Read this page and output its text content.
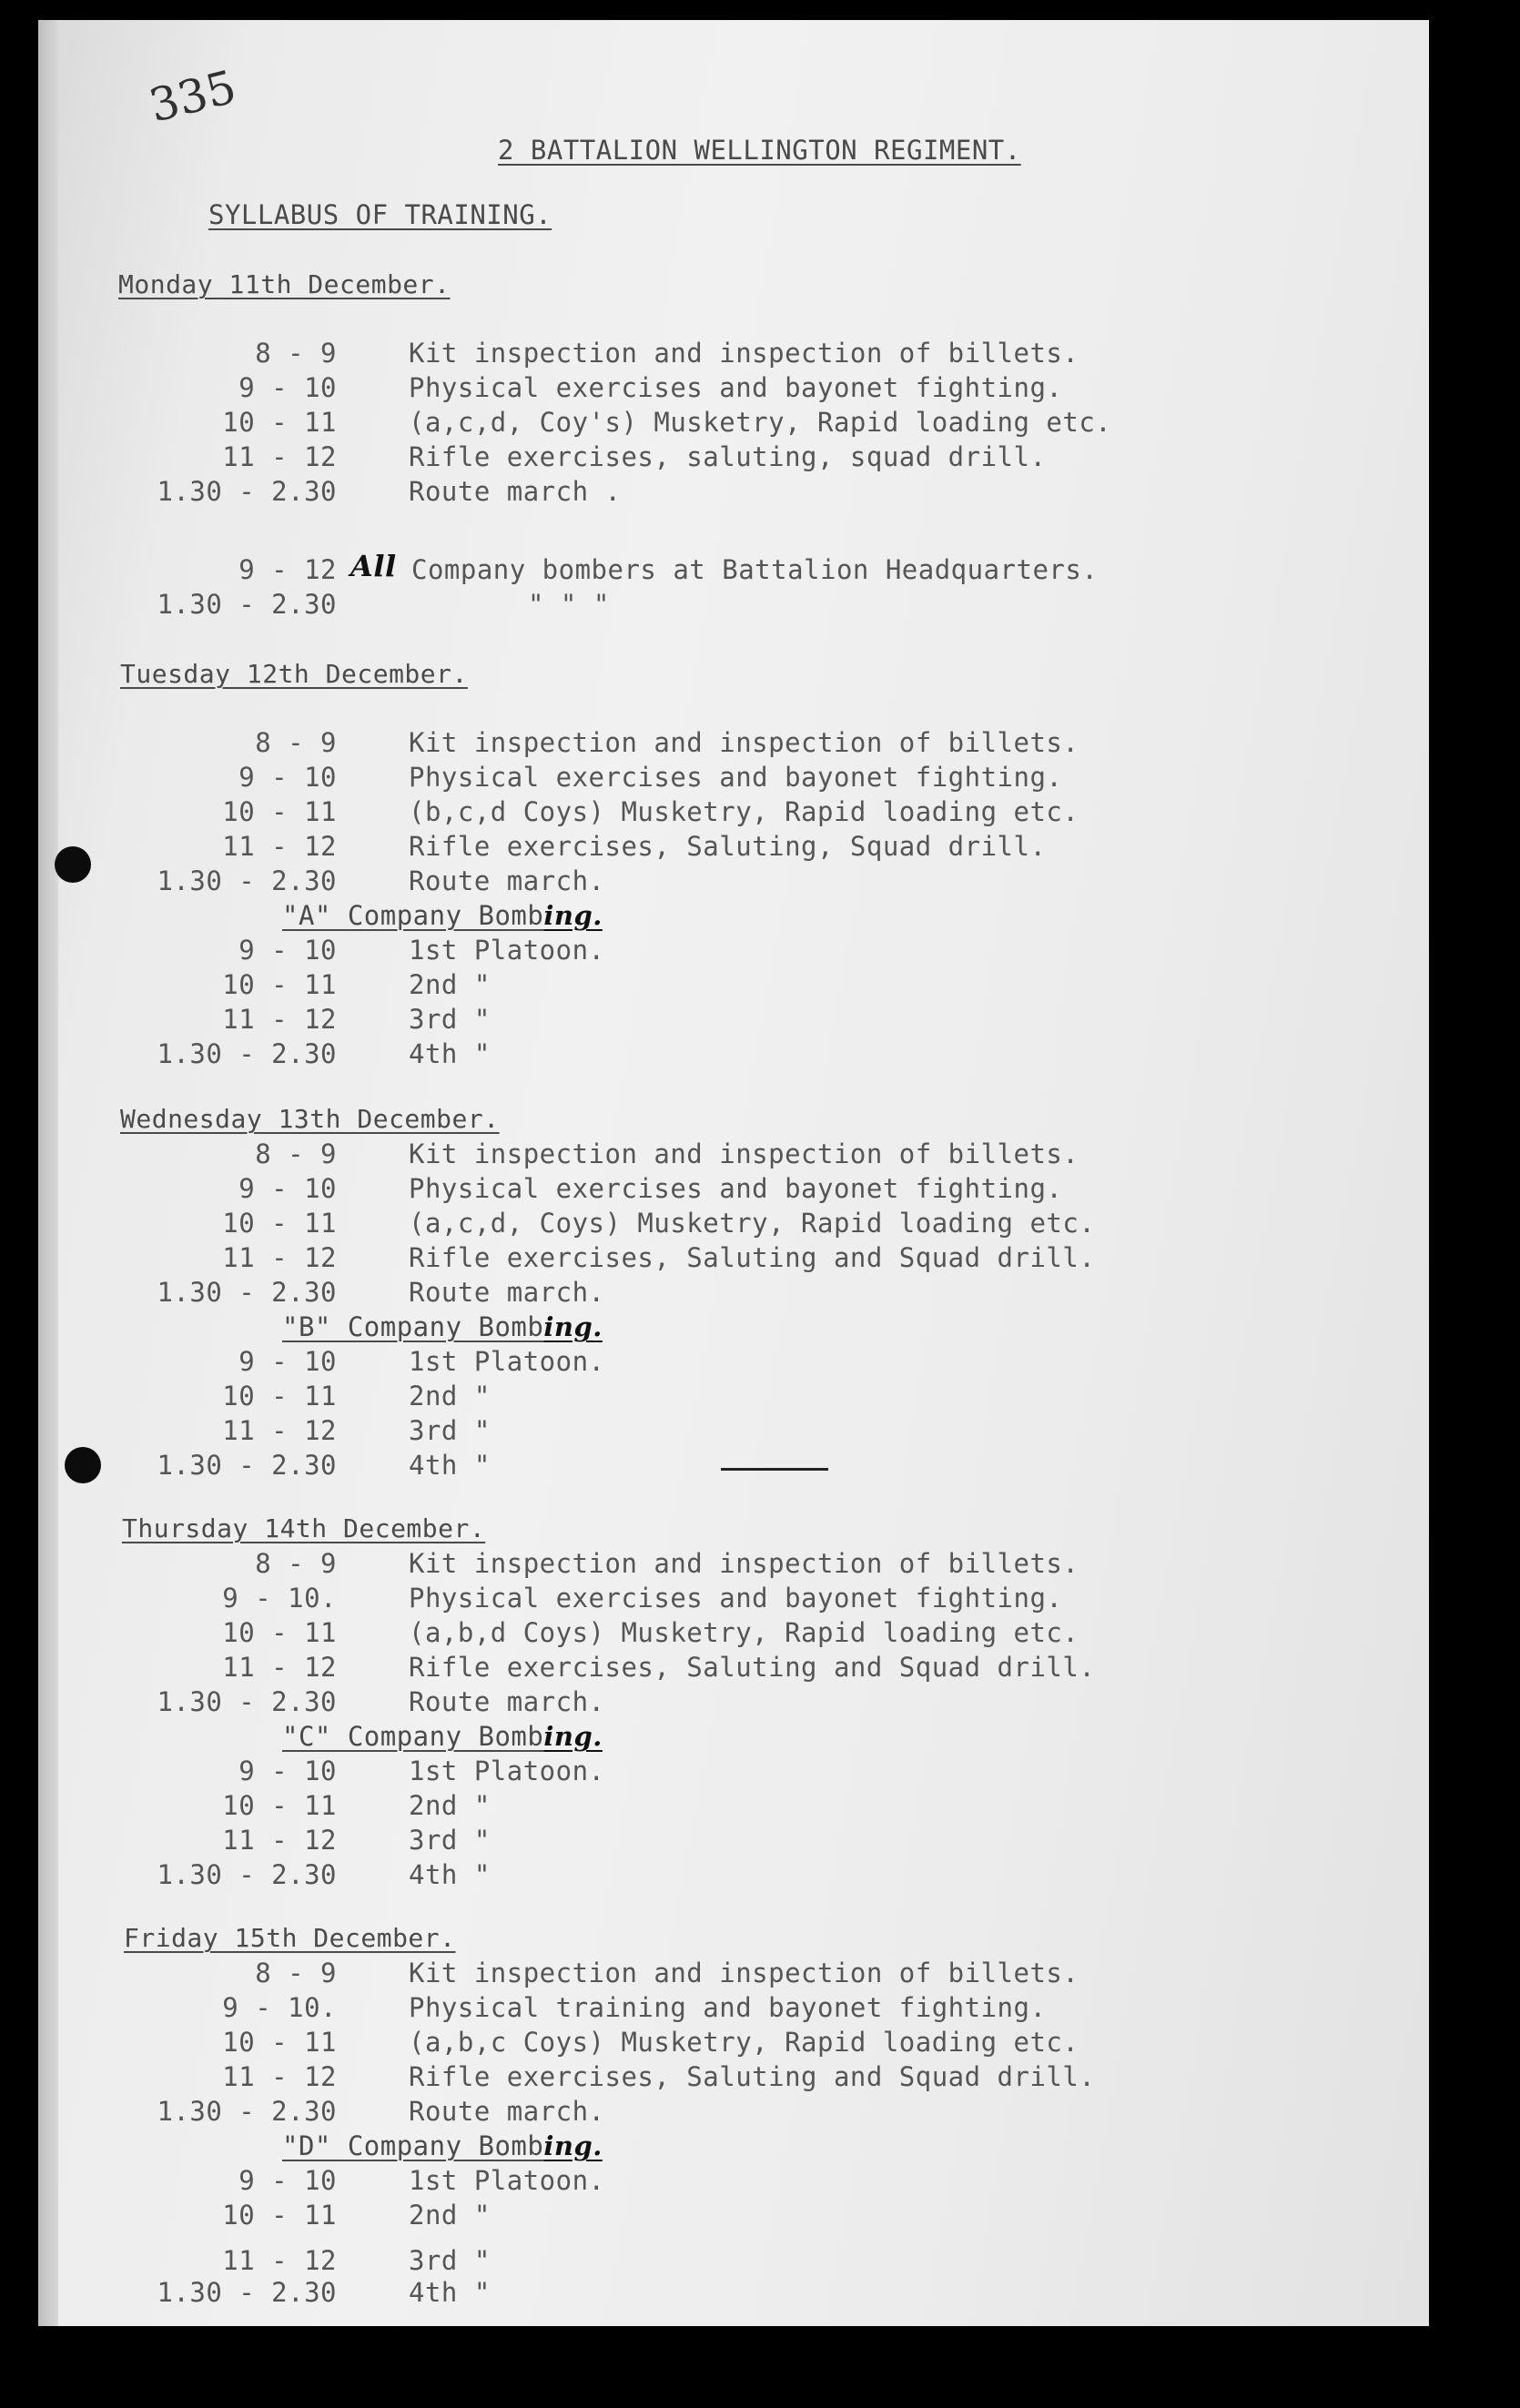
335

2 BATTALION WELLINGTON REGIMENT.

SYLLABUS OF TRAINING.

Monday 11th December.

8 - 9	Kit inspection and inspection of billets.

9 - 10	Physical exercises and bayonet fighting.

10 - 11	(a,c,d, Coy's) Musketry, Rapid loading etc.

11 - 12	Rifle exercises, saluting, squad drill.

1.30 - 2.30	Route march .

9 - 12 All Company bombers at Battalion Headquarters.

1.30 - 2.30	" " "

Tuesday 12th December.

8 - 9	Kit inspection and inspection of billets.

9 - 10	Physical exercises and bayonet fighting.

10 - 11	(b,c,d Coys) Musketry, Rapid loading etc.

11 - 12	Rifle exercises, Saluting, Squad drill.

1.30 - 2.30	Route march.

"A" Company Bombing.

9 - 10	1st Platoon.

10 - 11	2nd "

11 - 12	3rd "

1.30 - 2.30	4th "

Wednesday 13th December.

8 - 9	Kit inspection and inspection of billets.

9 - 10	Physical exercises and bayonet fighting.

10 - 11	(a,c,d, Coys) Musketry, Rapid loading etc.

11 - 12	Rifle exercises, Saluting and Squad drill.

1.30 - 2.30	Route march.

"B" Company Bombing.

9 - 10	1st Platoon.

10 - 11	2nd "

11 - 12	3rd "

1.30 - 2.30	4th "

Thursday 14th December.

8 - 9	Kit inspection and inspection of billets.

9 - 10.	Physical exercises and bayonet fighting.

10 - 11	(a,b,d Coys) Musketry, Rapid loading etc.

11 - 12	Rifle exercises, Saluting and Squad drill.

1.30 - 2.30	Route march.

"C" Company Bombing.

9 - 10	1st Platoon.

10 - 11	2nd "

11 - 12	3rd "

1.30 - 2.30	4th "

Friday 15th December.

8 - 9	Kit inspection and inspection of billets.

9 - 10.	Physical training and bayonet fighting.

10 - 11	(a,b,c Coys) Musketry, Rapid loading etc.

11 - 12	Rifle exercises, Saluting and Squad drill.

1.30 - 2.30	Route march.

"D" Company Bombing.

9 - 10	1st Platoon.

10 - 11	2nd "

11 - 12	3rd "

1.30 - 2.30	4th "
